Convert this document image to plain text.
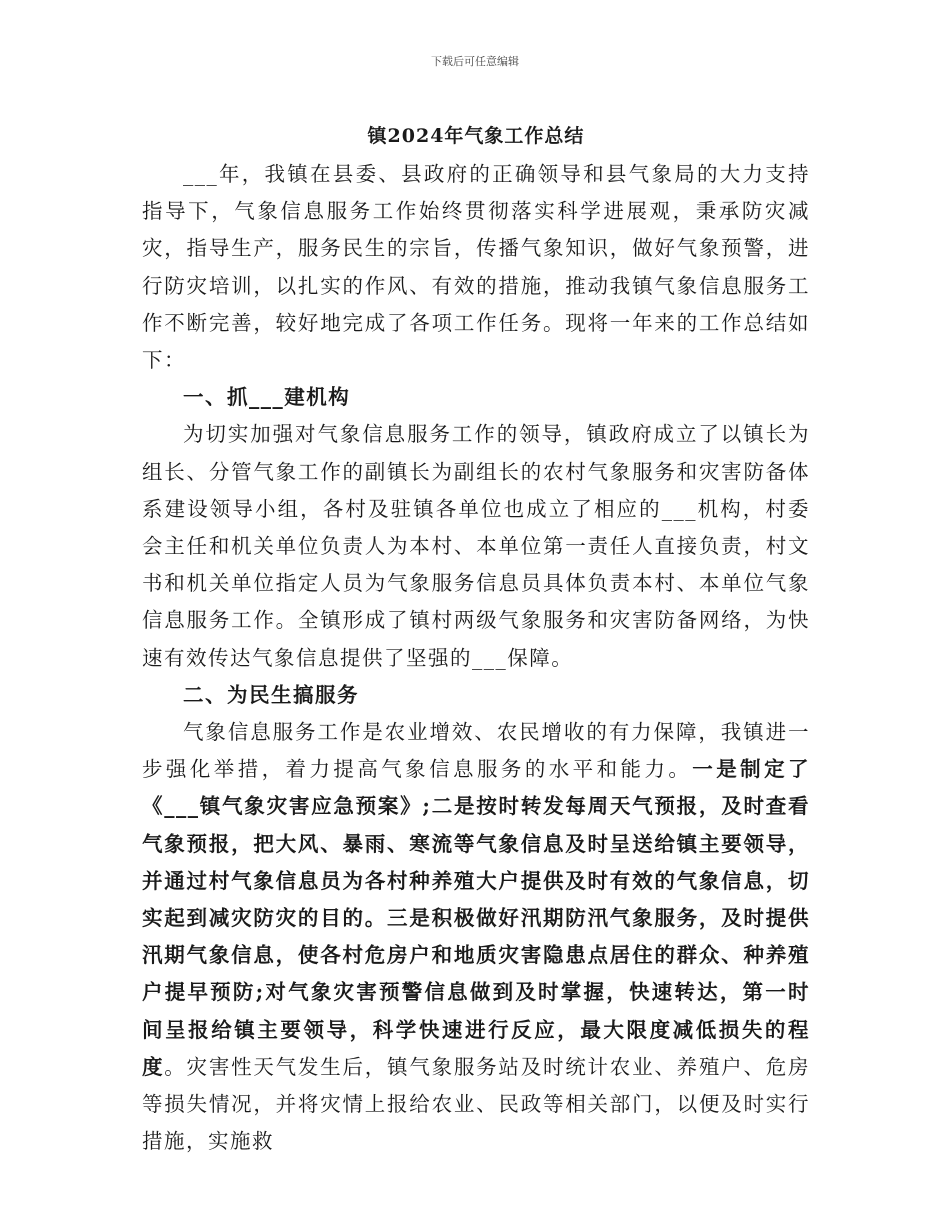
下载后可任意编辑
镇2024年气象工作总结

___年，我镇在县委、县政府的正确领导和县气象局的大力支持指导下，气象信息服务工作始终贯彻落实科学进展观，秉承防灾减灾，指导生产，服务民生的宗旨，传播气象知识，做好气象预警，进行防灾培训，以扎实的作风、有效的措施，推动我镇气象信息服务工作不断完善，较好地完成了各项工作任务。现将一年来的工作总结如下：

一、抓___建机构

为切实加强对气象信息服务工作的领导，镇政府成立了以镇长为组长、分管气象工作的副镇长为副组长的农村气象服务和灾害防备体系建设领导小组，各村及驻镇各单位也成立了相应的___机构，村委会主任和机关单位负责人为本村、本单位第一责任人直接负责，村文书和机关单位指定人员为气象服务信息员具体负责本村、本单位气象信息服务工作。全镇形成了镇村两级气象服务和灾害防备网络，为快速有效传达气象信息提供了坚强的___保障。

二、为民生搞服务

气象信息服务工作是农业增效、农民增收的有力保障，我镇进一步强化举措，着力提高气象信息服务的水平和能力。一是制定了《___镇气象灾害应急预案》;二是按时转发每周天气预报，及时查看气象预报，把大风、暴雨、寒流等气象信息及时呈送给镇主要领导，并通过村气象信息员为各村种养殖大户提供及时有效的气象信息，切实起到减灾防灾的目的。三是积极做好汛期防汛气象服务，及时提供汛期气象信息，使各村危房户和地质灾害隐患点居住的群众、种养殖户提早预防;对气象灾害预警信息做到及时掌握，快速转达，第一时间呈报给镇主要领导，科学快速进行反应，最大限度减低损失的程度。灾害性天气发生后，镇气象服务站及时统计农业、养殖户、危房等损失情况，并将灾情上报给农业、民政等相关部门，以便及时实行措施，实施救
